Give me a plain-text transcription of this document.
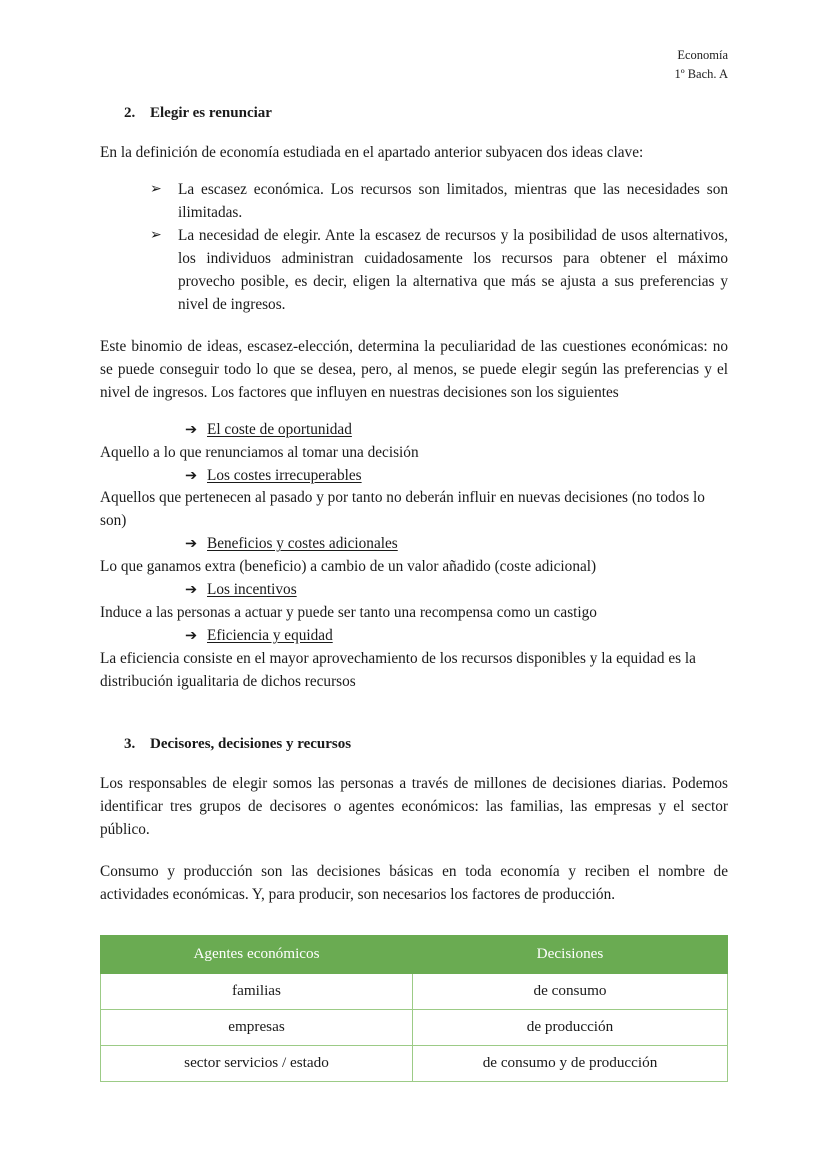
Economía
1º Bach. A
2. Elegir es renunciar

En la definición de economía estudiada en el apartado anterior subyacen dos ideas clave:

➢ La escasez económica. Los recursos son limitados, mientras que las necesidades son ilimitadas.
➢ La necesidad de elegir. Ante la escasez de recursos y la posibilidad de usos alternativos, los individuos administran cuidadosamente los recursos para obtener el máximo provecho posible, es decir, eligen la alternativa que más se ajusta a sus preferencias y nivel de ingresos.

Este binomio de ideas, escasez-elección, determina la peculiaridad de las cuestiones económicas: no se puede conseguir todo lo que se desea, pero, al menos, se puede elegir según las preferencias y el nivel de ingresos. Los factores que influyen en nuestras decisiones son los siguientes

➔ El coste de oportunidad

Aquello a lo que renunciamos al tomar una decisión

➔ Los costes irrecuperables

Aquellos que pertenecen al pasado y por tanto no deberán influir en nuevas decisiones (no todos lo son)

➔ Beneficios y costes adicionales

Lo que ganamos extra (beneficio) a cambio de un valor añadido (coste adicional)

➔ Los incentivos

Induce a las personas a actuar y puede ser tanto una recompensa como un castigo

➔ Eficiencia y equidad

La eficiencia consiste en el mayor aprovechamiento de los recursos disponibles y la equidad es la distribución igualitaria de dichos recursos

3. Decisores, decisiones y recursos

Los responsables de elegir somos las personas a través de millones de decisiones diarias. Podemos identificar tres grupos de decisores o agentes económicos: las familias, las empresas y el sector público.

Consumo y producción son las decisiones básicas en toda economía y reciben el nombre de actividades económicas. Y, para producir, son necesarios los factores de producción.

Agentes económicos	Decisiones
familias	de consumo
empresas	de producción
sector servicios / estado	de consumo y de producción
